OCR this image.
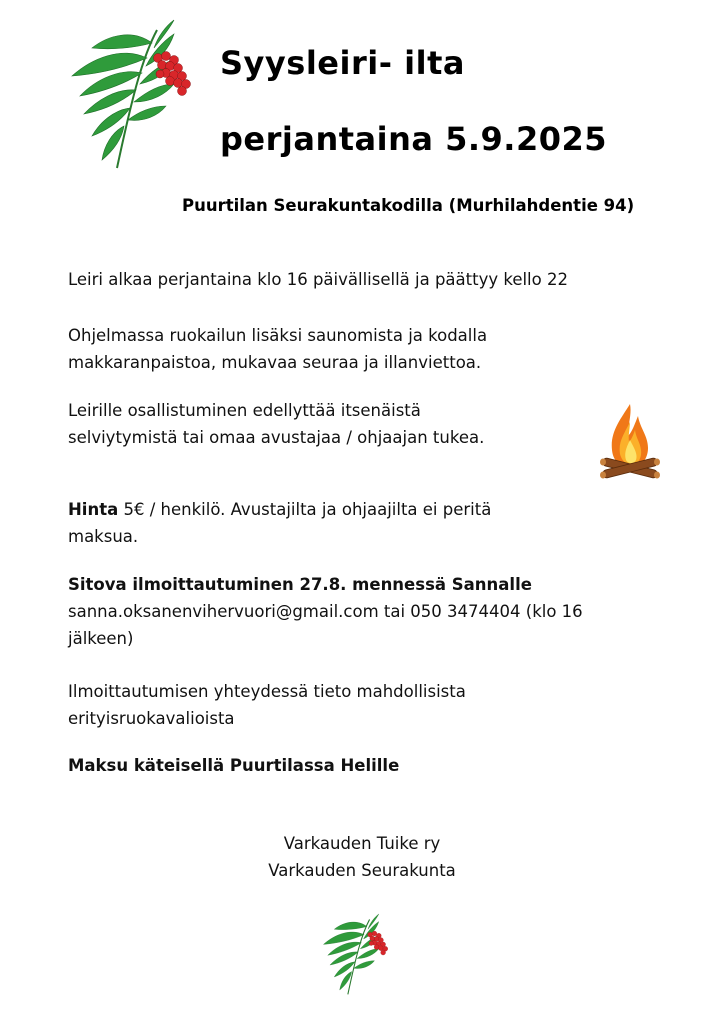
Syysleiri- ilta
perjantaina 5.9.2025
Puurtilan Seurakuntakodilla (Murhilahdentie 94)
Leiri alkaa perjantaina klo 16 päivällisellä ja päättyy kello 22
Ohjelmassa ruokailun lisäksi saunomista ja kodalla
makkaranpaistoa, mukavaa seuraa ja illanviettoa.
Leirille osallistuminen edellyttää itsenäistä
selviytymistä tai omaa avustajaa / ohjaajan tukea.
Hinta 5€ / henkilö. Avustajilta ja ohjaajilta ei peritä
maksua.
Sitova ilmoittautuminen 27.8. mennessä Sannalle
sanna.oksanenvihervuori@gmail.com tai 050 3474404 (klo 16
jälkeen)
Ilmoittautumisen yhteydessä tieto mahdollisista
erityisruokavalioista
Maksu käteisellä Puurtilassa Helille
Varkauden Tuike ry
Varkauden Seurakunta
